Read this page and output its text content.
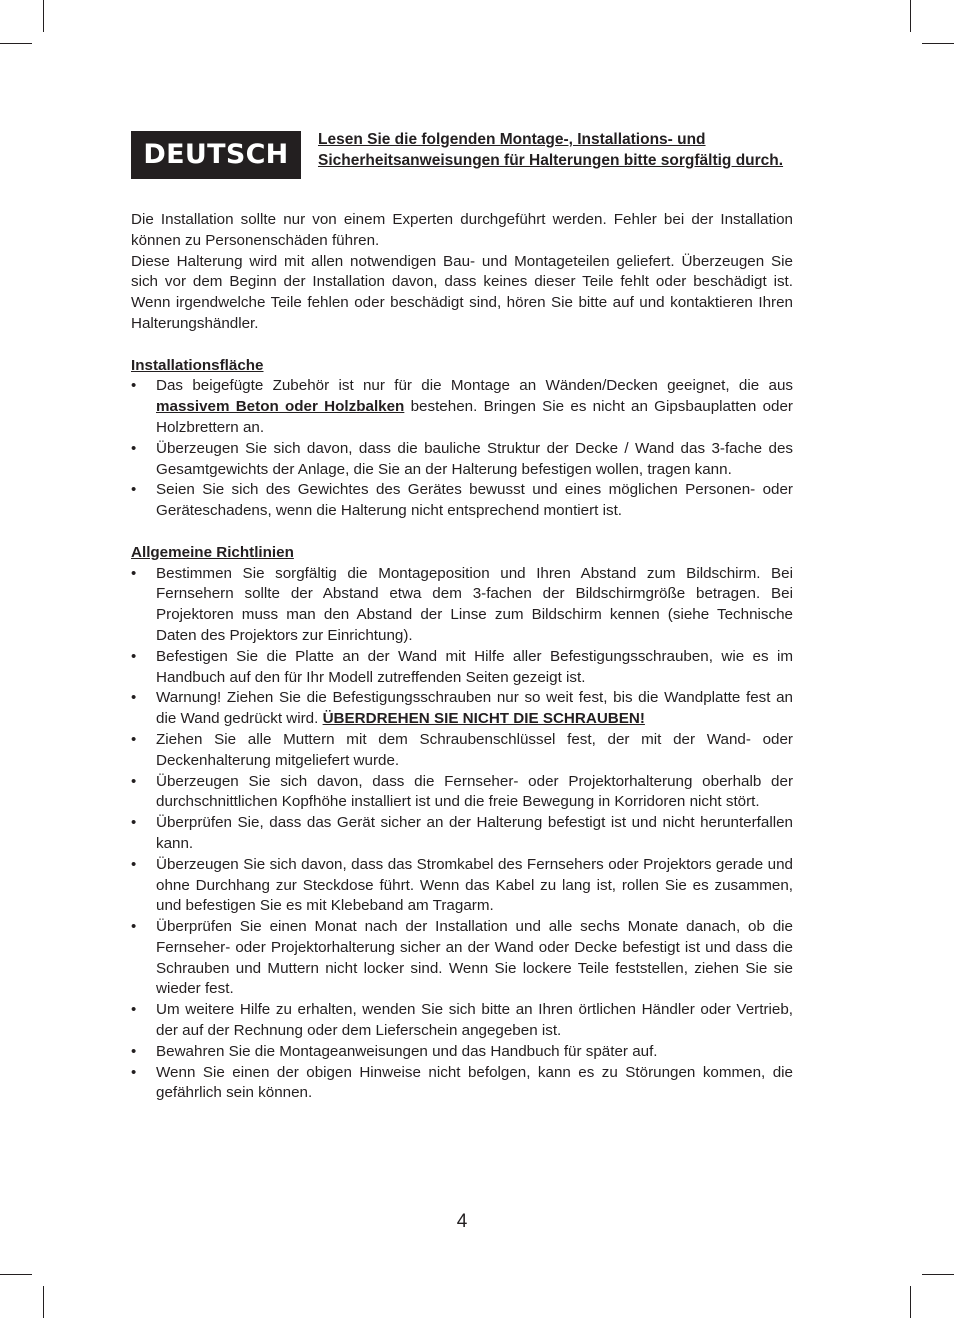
DEUTSCH	Lesen Sie die folgenden Montage-, Installations- und Sicherheitsanweisungen für Halterungen bitte sorgfältig durch.

Die Installation sollte nur von einem Experten durchgeführt werden. Fehler bei der Installation können zu Personenschäden führen.

Diese Halterung wird mit allen notwendigen Bau- und Montageteilen geliefert. Überzeugen Sie sich vor dem Beginn der Installation davon, dass keines dieser Teile fehlt oder beschädigt ist. Wenn irgendwelche Teile fehlen oder beschädigt sind, hören Sie bitte auf und kontaktieren Ihren Halterungshändler.

Installationsfläche
• Das beigefügte Zubehör ist nur für die Montage an Wänden/Decken geeignet, die aus massivem Beton oder Holzbalken bestehen. Bringen Sie es nicht an Gipsbauplatten oder Holzbrettern an.
• Überzeugen Sie sich davon, dass die bauliche Struktur der Decke / Wand das 3-fache des Gesamtgewichts der Anlage, die Sie an der Halterung befestigen wollen, tragen kann.
• Seien Sie sich des Gewichtes des Gerätes bewusst und eines möglichen Personen- oder Geräteschadens, wenn die Halterung nicht entsprechend montiert ist.
Allgemeine Richtlinien
• Bestimmen Sie sorgfältig die Montageposition und Ihren Abstand zum Bildschirm. Bei Fernsehern sollte der Abstand etwa dem 3-fachen der Bildschirmgröße betragen. Bei Projektoren muss man den Abstand der Linse zum Bildschirm kennen (siehe Technische Daten des Projektors zur Einrichtung).
• Befestigen Sie die Platte an der Wand mit Hilfe aller Befestigungsschrauben, wie es im Handbuch auf den für Ihr Modell zutreffenden Seiten gezeigt ist.
• Warnung! Ziehen Sie die Befestigungsschrauben nur so weit fest, bis die Wandplatte fest an die Wand gedrückt wird. ÜBERDREHEN SIE NICHT DIE SCHRAUBEN!
• Ziehen Sie alle Muttern mit dem Schraubenschlüssel fest, der mit der Wand- oder Deckenhalterung mitgeliefert wurde.
• Überzeugen Sie sich davon, dass die Fernseher- oder Projektorhalterung oberhalb der durchschnittlichen Kopfhöhe installiert ist und die freie Bewegung in Korridoren nicht stört.
• Überprüfen Sie, dass das Gerät sicher an der Halterung befestigt ist und nicht herunterfallen kann.
• Überzeugen Sie sich davon, dass das Stromkabel des Fernsehers oder Projektors gerade und ohne Durchhang zur Steckdose führt. Wenn das Kabel zu lang ist, rollen Sie es zusammen, und befestigen Sie es mit Klebeband am Tragarm.
• Überprüfen Sie einen Monat nach der Installation und alle sechs Monate danach, ob die Fernseher- oder Projektorhalterung sicher an der Wand oder Decke befestigt ist und dass die Schrauben und Muttern nicht locker sind. Wenn Sie lockere Teile feststellen, ziehen Sie sie wieder fest.
• Um weitere Hilfe zu erhalten, wenden Sie sich bitte an Ihren örtlichen Händler oder Vertrieb, der auf der Rechnung oder dem Lieferschein angegeben ist.
• Bewahren Sie die Montageanweisungen und das Handbuch für später auf.
• Wenn Sie einen der obigen Hinweise nicht befolgen, kann es zu Störungen kommen, die gefährlich sein können.
4
